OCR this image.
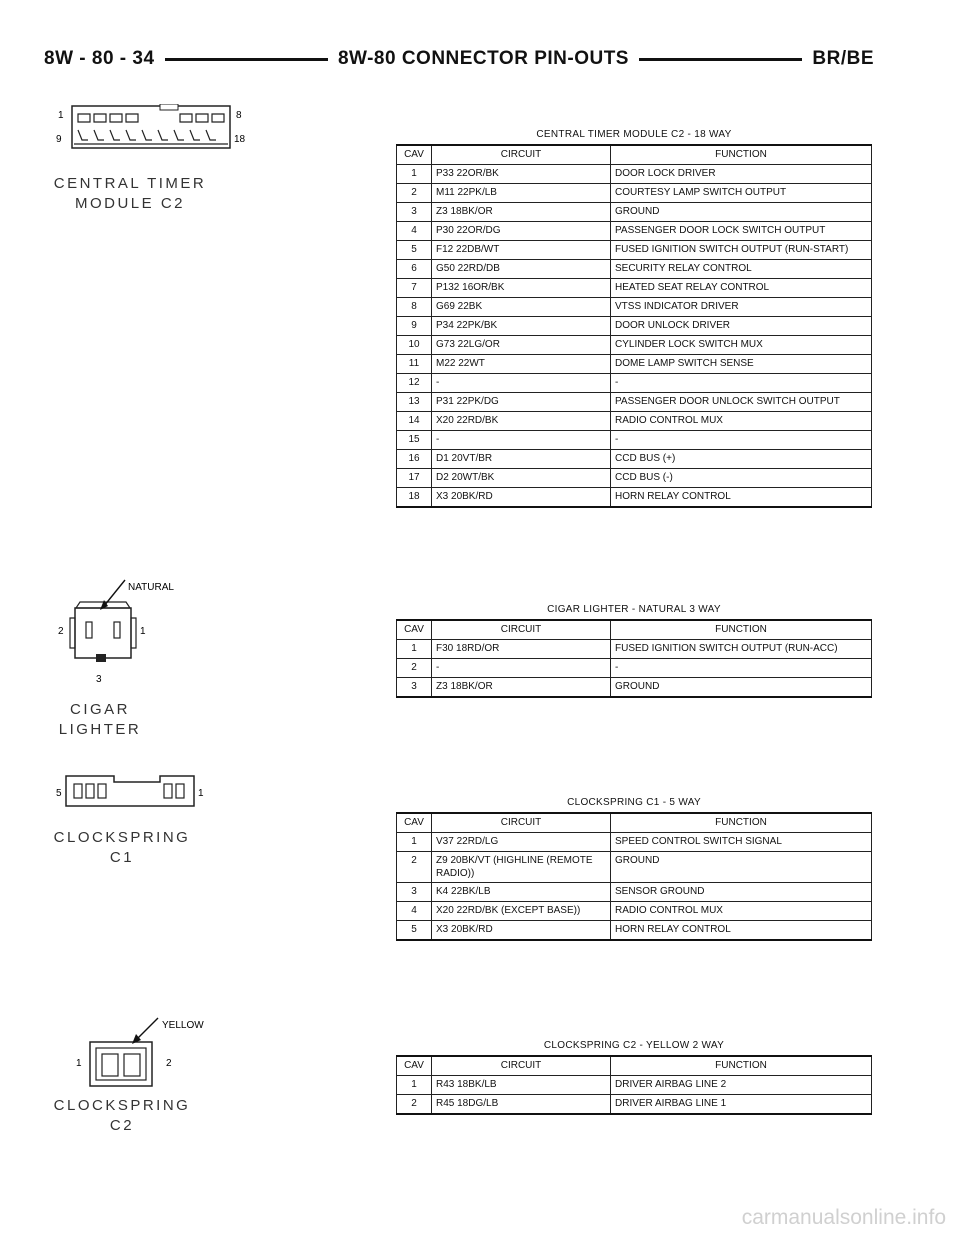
8W - 80 - 34	8W-80 CONNECTOR PIN-OUTS	BR/BE
1	8
9	18
CENTRAL TIMER
MODULE C2
NATURAL
2	1
3
CIGAR
LIGHTER
5	1
CLOCKSPRING C1
YELLOW
1	2
CLOCKSPRING C2
CENTRAL TIMER MODULE C2 - 18 WAY
CIGAR LIGHTER - NATURAL 3 WAY
CLOCKSPRING C1 - 5 WAY
CLOCKSPRING C2 - YELLOW 2 WAY
CAV	CIRCUIT	FUNCTION
1	P33 22OR/BK	DOOR LOCK DRIVER
2	M11 22PK/LB	COURTESY LAMP SWITCH OUTPUT
3	Z3 18BK/OR	GROUND
4	P30 22OR/DG	PASSENGER DOOR LOCK SWITCH OUTPUT
5	F12 22DB/WT	FUSED IGNITION SWITCH OUTPUT (RUN-START)
6	G50 22RD/DB	SECURITY RELAY CONTROL
7	P132 16OR/BK	HEATED SEAT RELAY CONTROL
8	G69 22BK	VTSS INDICATOR DRIVER
9	P34 22PK/BK	DOOR UNLOCK DRIVER
10	G73 22LG/OR	CYLINDER LOCK SWITCH MUX
11	M22 22WT	DOME LAMP SWITCH SENSE
12	-	-
13	P31 22PK/DG	PASSENGER DOOR UNLOCK SWITCH OUTPUT
14	X20 22RD/BK	RADIO CONTROL MUX
15	-	-
16	D1 20VT/BR	CCD BUS (+)
17	D2 20WT/BK	CCD BUS (-)
18	X3 20BK/RD	HORN RELAY CONTROL
CAV	CIRCUIT	FUNCTION
1	F30 18RD/OR	FUSED IGNITION SWITCH OUTPUT (RUN-ACC)
2	-	-
3	Z3 18BK/OR	GROUND
CAV	CIRCUIT	FUNCTION
1	V37 22RD/LG	SPEED CONTROL SWITCH SIGNAL
2	Z9 20BK/VT (HIGHLINE (REMOTE RADIO))	GROUND
3	K4 22BK/LB	SENSOR GROUND
4	X20 22RD/BK (EXCEPT BASE))	RADIO CONTROL MUX
5	X3 20BK/RD	HORN RELAY CONTROL
CAV	CIRCUIT	FUNCTION
1	R43 18BK/LB	DRIVER AIRBAG LINE 2
2	R45 18DG/LB	DRIVER AIRBAG LINE 1
carmanualsonline.info
